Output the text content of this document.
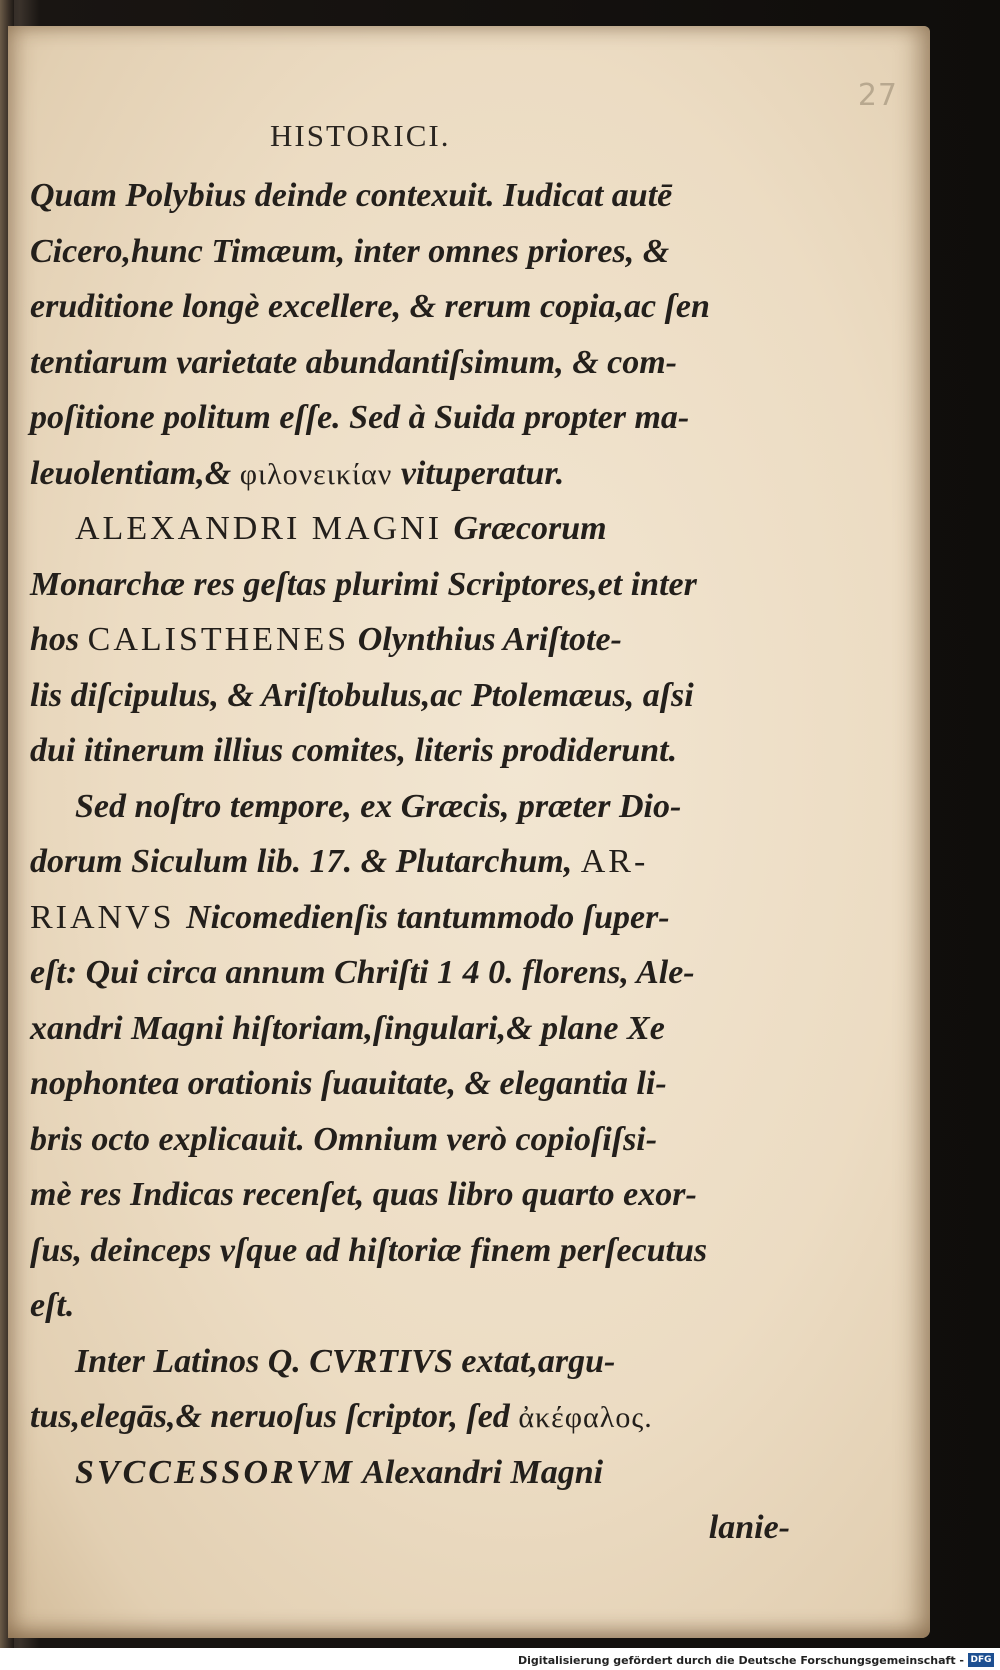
27
HISTORICI.
Quam Polybius deinde contexuit. Iudicat autē
Cicero,hunc Timæum, inter omnes priores, &
eruditione longè excellere, & rerum copia,ac ſen
tentiarum varietate abundantiſsimum, & com-
poſitione politum eſſe. Sed à Suida propter ma-
leuolentiam,& φιλονεικίαν vituperatur.
ALEXANDRI MAGNI Græcorum
Monarchæ res geſtas plurimi Scriptores,et inter
hos CALISTHENES Olynthius Ariſtote-
lis diſcipulus, & Ariſtobulus,ac Ptolemæus, aſsi
dui itinerum illius comites, literis prodiderunt.
Sed noſtro tempore, ex Græcis, præter Dio-
dorum Siculum lib. 17. & Plutarchum, AR-
RIANVS Nicomedienſis tantummodo ſuper-
eſt: Qui circa annum Chriſti 1 4 0. florens, Ale-
xandri Magni hiſtoriam,ſingulari,& plane Xe
nophontea orationis ſuauitate, & elegantia li-
bris octo explicauit. Omnium verò copioſiſsi-
mè res Indicas recenſet, quas libro quarto exor-
ſus, deinceps vſque ad hiſtoriæ finem perſecutus
eſt.
Inter Latinos Q. CVRTIVS extat,argu-
tus,elegās,& neruoſus ſcriptor, ſed ἀκέφαλος.
SVCCESSORVM Alexandri Magni
lanie-
Digitalisierung gefördert durch die Deutsche Forschungsgemeinschaft - DFG
